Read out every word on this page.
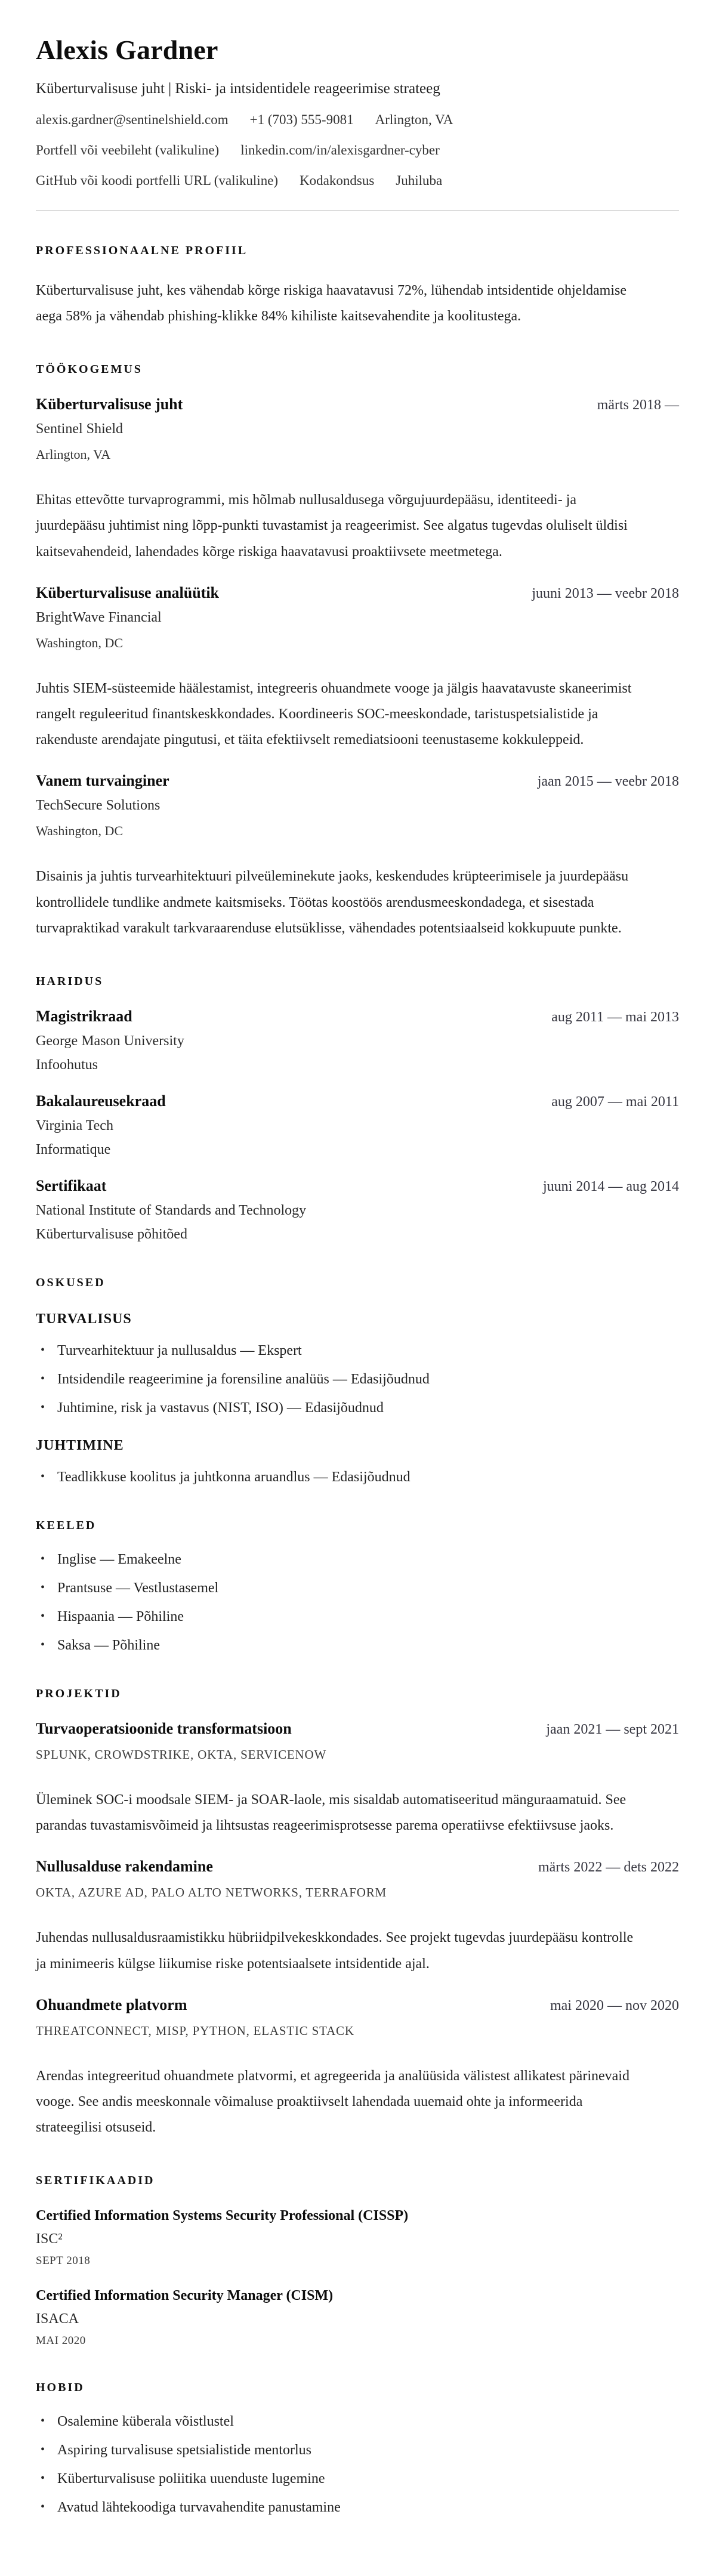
Alexis Gardner
Küberturvalisuse juht | Riski- ja intsidentidele reageerimise strateeg
alexis.gardner@sentinelshield.com +1 (703) 555-9081 Arlington, VA
Portfell või veebileht (valikuline) linkedin.com/in/alexisgardner-cyber
GitHub või koodi portfelli URL (valikuline) Kodakondsus Juhiluba
PROFESSIONAALNE PROFIIL

Küberturvalisuse juht, kes vähendab kõrge riskiga haavatavusi 72%, lühendab intsidentide ohjeldamise aega 58% ja vähendab phishing-klikke 84% kihiliste kaitsevahendite ja koolitustega.

TÖÖKOGEMUS
Küberturvalisuse juht	märts 2018 —
Sentinel Shield
Arlington, VA

Ehitas ettevõtte turvaprogrammi, mis hõlmab nullusaldusega võrgujuurdepääsu, identiteedi- ja juurdepääsu juhtimist ning lõpp-punkti tuvastamist ja reageerimist. See algatus tugevdas oluliselt üldisi kaitsevahendeid, lahendades kõrge riskiga haavatavusi proaktiivsete meetmetega.

Küberturvalisuse analüütik	juuni 2013 — veebr 2018
BrightWave Financial
Washington, DC

Juhtis SIEM-süsteemide häälestamist, integreeris ohuandmete vooge ja jälgis haavatavuste skaneerimist rangelt reguleeritud finantskeskkondades. Koordineeris SOC-meeskondade, taristuspetsialistide ja rakenduste arendajate pingutusi, et täita efektiivselt remediatsiooni teenustaseme kokkuleppeid.

Vanem turvainginer	jaan 2015 — veebr 2018
TechSecure Solutions
Washington, DC

Disainis ja juhtis turvearhitektuuri pilveüleminekute jaoks, keskendudes krüpteerimisele ja juurdepääsu kontrollidele tundlike andmete kaitsmiseks. Töötas koostöös arendusmeeskondadega, et sisestada turvapraktikad varakult tarkvaraarenduse elutsüklisse, vähendades potentsiaalseid kokkupuute punkte.

HARIDUS
Magistrikraad	aug 2011 — mai 2013
George Mason University
Infoohutus
Bakalaureusekraad	aug 2007 — mai 2011
Virginia Tech
Informatique
Sertifikaat	juuni 2014 — aug 2014
National Institute of Standards and Technology
Küberturvalisuse põhitõed
OSKUSED
TURVALISUS
• Turvearhitektuur ja nullusaldus — Ekspert
• Intsidendile reageerimine ja forensiline analüüs — Edasijõudnud
• Juhtimine, risk ja vastavus (NIST, ISO) — Edasijõudnud
JUHTIMINE
• Teadlikkuse koolitus ja juhtkonna aruandlus — Edasijõudnud
KEELED
• Inglise — Emakeelne
• Prantsuse — Vestlustasemel
• Hispaania — Põhiline
• Saksa — Põhiline
PROJEKTID
Turvaoperatsioonide transformatsioon	jaan 2021 — sept 2021
SPLUNK, CROWDSTRIKE, OKTA, SERVICENOW

Üleminek SOC-i moodsale SIEM- ja SOAR-laole, mis sisaldab automatiseeritud mänguraamatuid. See parandas tuvastamisvõimeid ja lihtsustas reageerimisprotsesse parema operatiivse efektiivsuse jaoks.

Nullusalduse rakendamine	märts 2022 — dets 2022
OKTA, AZURE AD, PALO ALTO NETWORKS, TERRAFORM

Juhendas nullusaldusraamistikku hübriidpilvekeskkondades. See projekt tugevdas juurdepääsu kontrolle ja minimeeris külgse liikumise riske potentsiaalsete intsidentide ajal.

Ohuandmete platvorm	mai 2020 — nov 2020
THREATCONNECT, MISP, PYTHON, ELASTIC STACK

Arendas integreeritud ohuandmete platvormi, et agregeerida ja analüüsida välistest allikatest pärinevaid vooge. See andis meeskonnale võimaluse proaktiivselt lahendada uuemaid ohte ja informeerida strateegilisi otsuseid.

SERTIFIKAADID
Certified Information Systems Security Professional (CISSP)
ISC²
SEPT 2018
Certified Information Security Manager (CISM)
ISACA
MAI 2020
HOBID
• Osalemine küberala võistlustel
• Aspiring turvalisuse spetsialistide mentorlus
• Küberturvalisuse poliitika uuenduste lugemine
• Avatud lähtekoodiga turvavahendite panustamine
